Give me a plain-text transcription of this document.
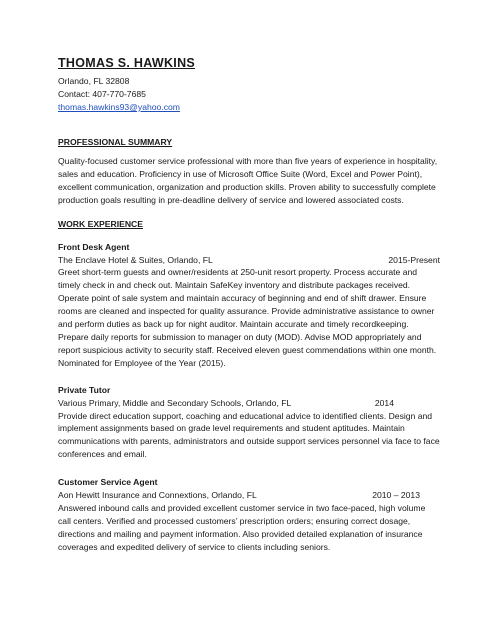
THOMAS S. HAWKINS
Orlando, FL 32808
Contact: 407-770-7685
thomas.hawkins93@yahoo.com
PROFESSIONAL SUMMARY
Quality-focused customer service professional with more than five years of experience in hospitality, sales and education. Proficiency in use of Microsoft Office Suite (Word, Excel and Power Point), excellent communication, organization and production skills. Proven ability to successfully complete production goals resulting in pre-deadline delivery of service and lowered associated costs.
WORK EXPERIENCE
Front Desk Agent
The Enclave Hotel & Suites, Orlando, FL	2015-Present
Greet short-term guests and owner/residents at 250-unit resort property. Process accurate and timely check in and check out. Maintain SafeKey inventory and distribute packages received. Operate point of sale system and maintain accuracy of beginning and end of shift drawer. Ensure rooms are cleaned and inspected for quality assurance. Provide administrative assistance to owner and perform duties as back up for night auditor. Maintain accurate and timely recordkeeping. Prepare daily reports for submission to manager on duty (MOD). Advise MOD appropriately and report suspicious activity to security staff. Received eleven guest commendations within one month. Nominated for Employee of the Year (2015).
Private Tutor
Various Primary, Middle and Secondary Schools, Orlando, FL	2014
Provide direct education support, coaching and educational advice to identified clients. Design and implement assignments based on grade level requirements and student aptitudes. Maintain communications with parents, administrators and outside support services personnel via face to face conferences and email.
Customer Service Agent
Aon Hewitt Insurance and Connextions, Orlando, FL	2010 – 2013
Answered inbound calls and provided excellent customer service in two face-paced, high volume call centers. Verified and processed customers’ prescription orders; ensuring correct dosage, directions and mailing and payment information. Also provided detailed explanation of insurance coverages and expedited delivery of service to clients including seniors.
